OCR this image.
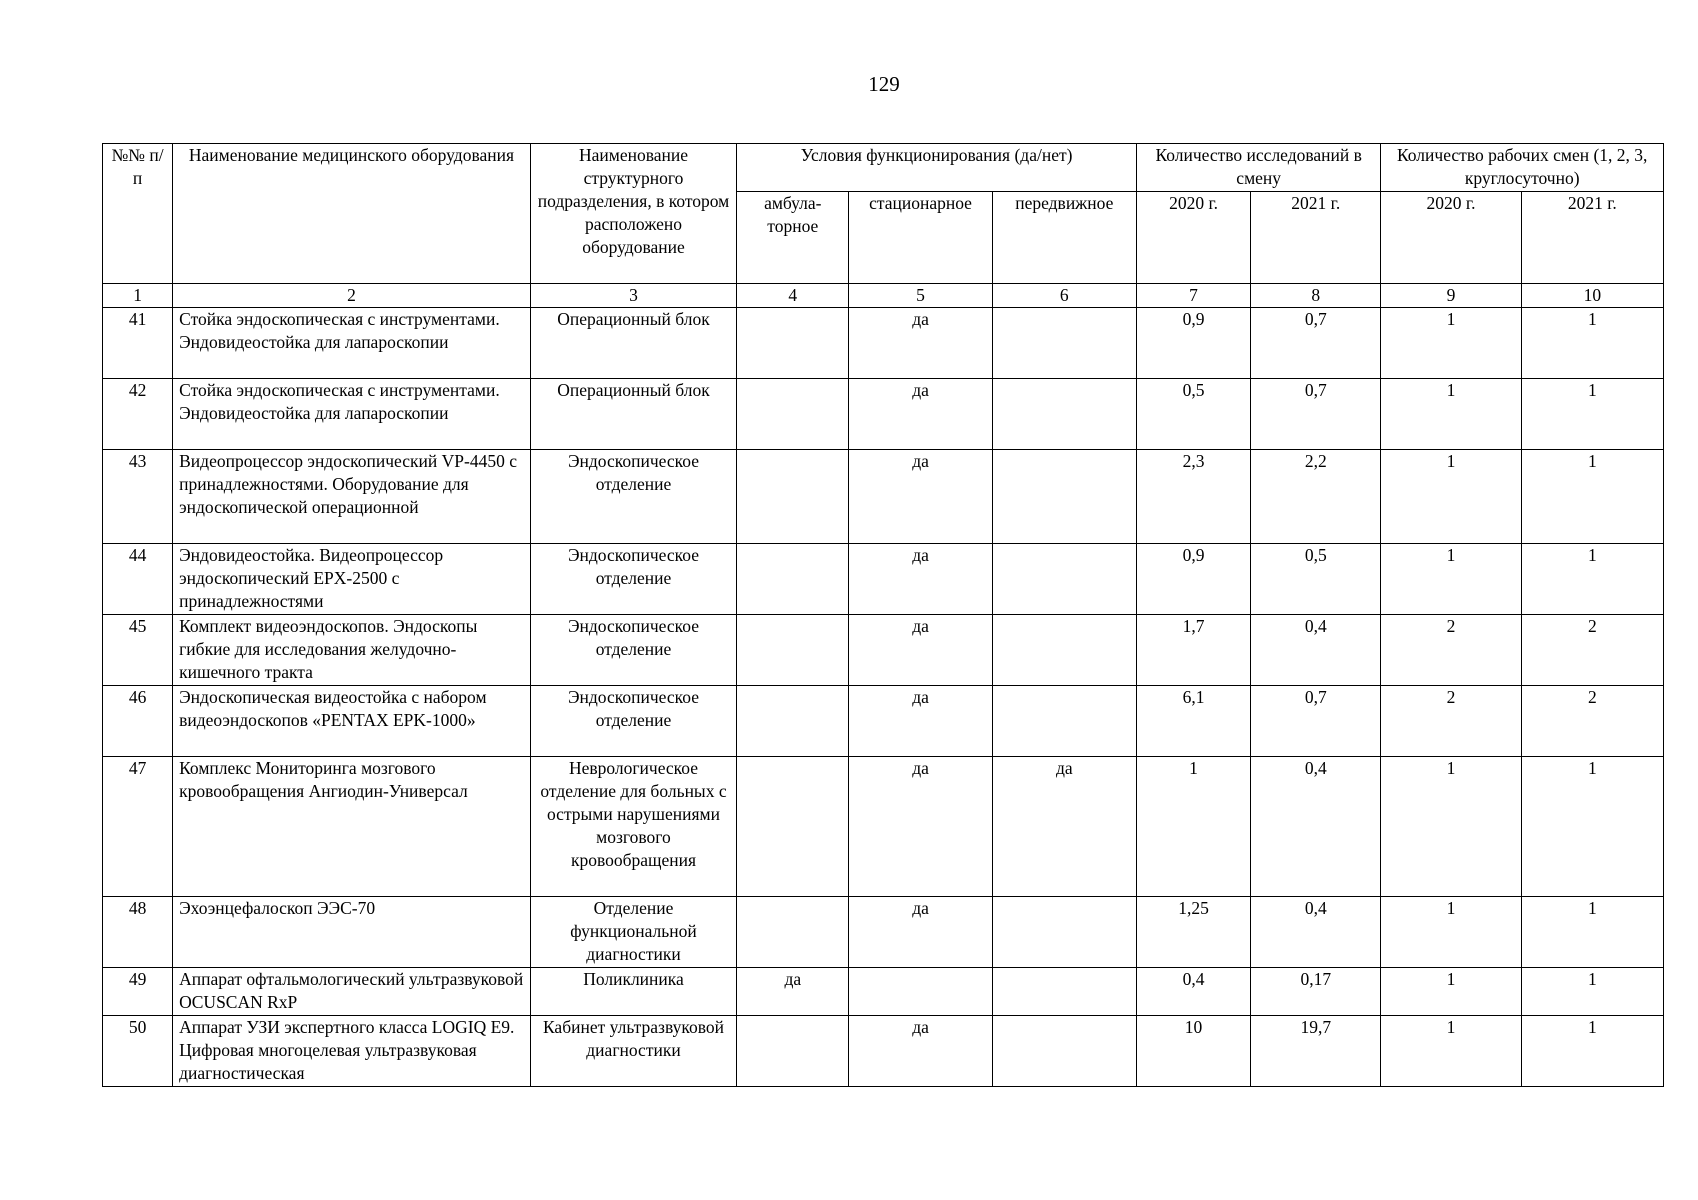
129
№№ п/п	Наименование медицинского оборудования	Наименование структурного подразделения, в котором расположено оборудование	Условия функционирования (да/нет)			Количество исследований в смену		Количество рабочих смен (1, 2, 3, круглосуточно)	
			амбула-торное	стационарное	передвижное	2020 г.	2021 г.	2020 г.	2021 г.
1	2	3	4	5	6	7	8	9	10
41	Стойка эндоскопическая с инструментами. Эндовидеостойка для лапароскопии	Операционный блок		да		0,9	0,7	1	1
42	Стойка эндоскопическая с инструментами. Эндовидеостойка для лапароскопии	Операционный блок		да		0,5	0,7	1	1
43	Видеопроцессор эндоскопический VP-4450 с принадлежностями. Оборудование для эндоскопической операционной	Эндоскопическое отделение		да		2,3	2,2	1	1
44	Эндовидеостойка. Видеопроцессор эндоскопический EPX-2500 с принадлежностями	Эндоскопическое отделение		да		0,9	0,5	1	1
45	Комплект видеоэндоскопов. Эндоскопы гибкие для исследования желудочно-кишечного тракта	Эндоскопическое отделение		да		1,7	0,4	2	2
46	Эндоскопическая видеостойка с набором видеоэндоскопов «PENTAX EPK-1000»	Эндоскопическое отделение		да		6,1	0,7	2	2
47	Комплекс Мониторинга мозгового кровообращения Ангиодин-Универсал	Неврологическое отделение для больных с острыми нарушениями мозгового кровообращения		да	да	1	0,4	1	1
48	Эхоэнцефалоскоп ЭЭС-70	Отделение функциональной диагностики		да		1,25	0,4	1	1
49	Аппарат офтальмологический ультразвуковой OCUSCAN RxP	Поликлиника	да			0,4	0,17	1	1
50	Аппарат УЗИ экспертного класса LOGIQ E9. Цифровая многоцелевая ультразвуковая диагностическая	Кабинет ультразвуковой диагностики		да		10	19,7	1	1
